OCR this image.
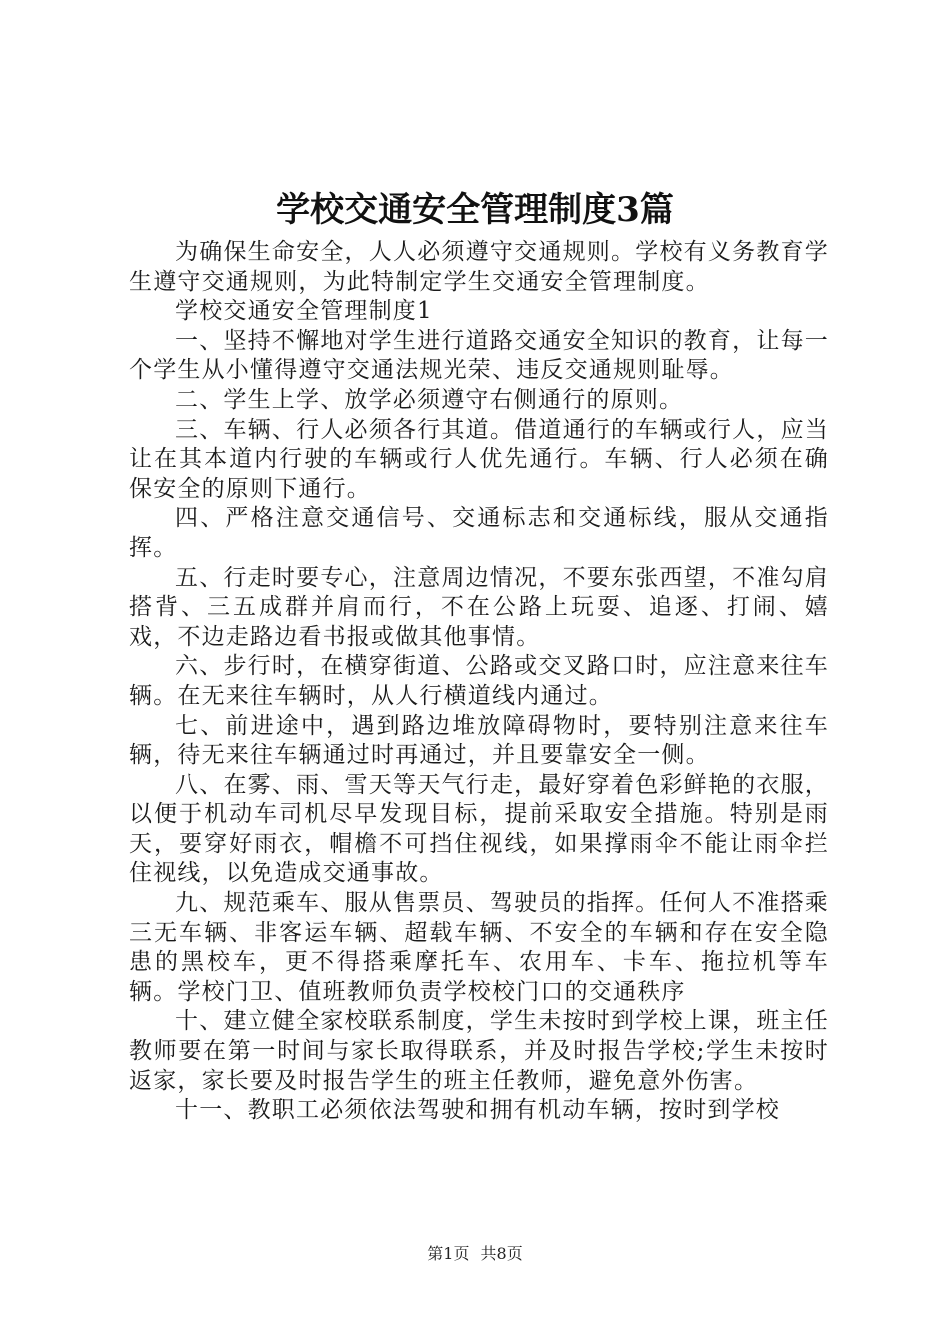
学校交通安全管理制度3篇

为确保生命安全，人人必须遵守交通规则。学校有义务教育学生遵守交通规则，为此特制定学生交通安全管理制度。

学校交通安全管理制度1

一、坚持不懈地对学生进行道路交通安全知识的教育，让每一个学生从小懂得遵守交通法规光荣、违反交通规则耻辱。

二、学生上学、放学必须遵守右侧通行的原则。

三、车辆、行人必须各行其道。借道通行的车辆或行人，应当让在其本道内行驶的车辆或行人优先通行。车辆、行人必须在确保安全的原则下通行。

四、严格注意交通信号、交通标志和交通标线，服从交通指挥。

五、行走时要专心，注意周边情况，不要东张西望，不准勾肩搭背、三五成群并肩而行，不在公路上玩耍、追逐、打闹、嬉戏，不边走路边看书报或做其他事情。

六、步行时，在横穿街道、公路或交叉路口时，应注意来往车辆。在无来往车辆时，从人行横道线内通过。

七、前进途中，遇到路边堆放障碍物时，要特别注意来往车辆，待无来往车辆通过时再通过，并且要靠安全一侧。

八、在雾、雨、雪天等天气行走，最好穿着色彩鲜艳的衣服，以便于机动车司机尽早发现目标，提前采取安全措施。特别是雨天，要穿好雨衣，帽檐不可挡住视线，如果撑雨伞不能让雨伞拦住视线，以免造成交通事故。

九、规范乘车、服从售票员、驾驶员的指挥。任何人不准搭乘三无车辆、非客运车辆、超载车辆、不安全的车辆和存在安全隐患的黑校车，更不得搭乘摩托车、农用车、卡车、拖拉机等车辆。学校门卫、值班教师负责学校校门口的交通秩序

十、建立健全家校联系制度，学生未按时到学校上课，班主任教师要在第一时间与家长取得联系，并及时报告学校;学生未按时返家，家长要及时报告学生的班主任教师，避免意外伤害。

十一、教职工必须依法驾驶和拥有机动车辆，按时到学校

第1页 共8页
